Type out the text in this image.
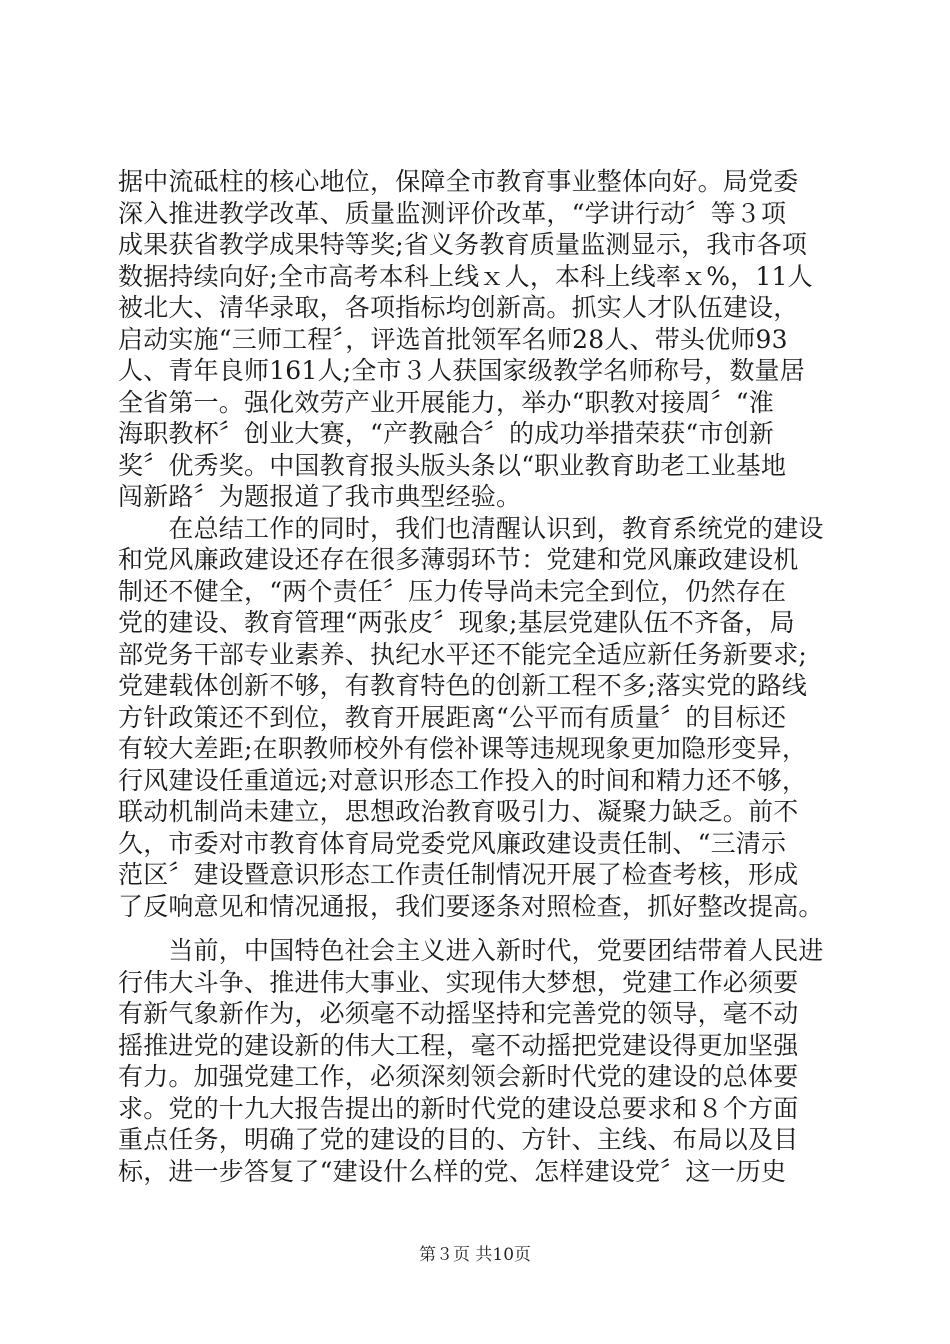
据中流砥柱的核心地位，保障全市教育事业整体向好。局党委
深入推进教学改革、质量监测评价改革，“学讲行动〞等３项
成果获省教学成果特等奖;省义务教育质量监测显示，我市各项
数据持续向好;全市高考本科上线ｘ人，本科上线率ｘ%，11人
被北大、清华录取，各项指标均创新高。抓实人才队伍建设，
启动实施“三师工程〞，评选首批领军名师28人、带头优师93
人、青年良师161人;全市３人获国家级教学名师称号，数量居
全省第一。强化效劳产业开展能力，举办“职教对接周〞“淮
海职教杯〞创业大赛，“产教融合〞的成功举措荣获“市创新
奖〞优秀奖。中国教育报头版头条以“职业教育助老工业基地
闯新路〞为题报道了我市典型经验。
　　在总结工作的同时，我们也清醒认识到，教育系统党的建设
和党风廉政建设还存在很多薄弱环节：党建和党风廉政建设机
制还不健全，“两个责任〞压力传导尚未完全到位，仍然存在
党的建设、教育管理“两张皮〞现象;基层党建队伍不齐备，局
部党务干部专业素养、执纪水平还不能完全适应新任务新要求;
党建载体创新不够，有教育特色的创新工程不多;落实党的路线
方针政策还不到位，教育开展距离“公平而有质量〞的目标还
有较大差距;在职教师校外有偿补课等违规现象更加隐形变异，
行风建设任重道远;对意识形态工作投入的时间和精力还不够，
联动机制尚未建立，思想政治教育吸引力、凝聚力缺乏。前不
久，市委对市教育体育局党委党风廉政建设责任制、“三清示
范区〞建设暨意识形态工作责任制情况开展了检查考核，形成
了反响意见和情况通报，我们要逐条对照检查，抓好整改提高。
　　当前，中国特色社会主义进入新时代，党要团结带着人民进
行伟大斗争、推进伟大事业、实现伟大梦想，党建工作必须要
有新气象新作为，必须毫不动摇坚持和完善党的领导，毫不动
摇推进党的建设新的伟大工程，毫不动摇把党建设得更加坚强
有力。加强党建工作，必须深刻领会新时代党的建设的总体要
求。党的十九大报告提出的新时代党的建设总要求和８个方面
重点任务，明确了党的建设的目的、方针、主线、布局以及目
标，进一步答复了“建设什么样的党、怎样建设党〞这一历史
第３页 共10页
